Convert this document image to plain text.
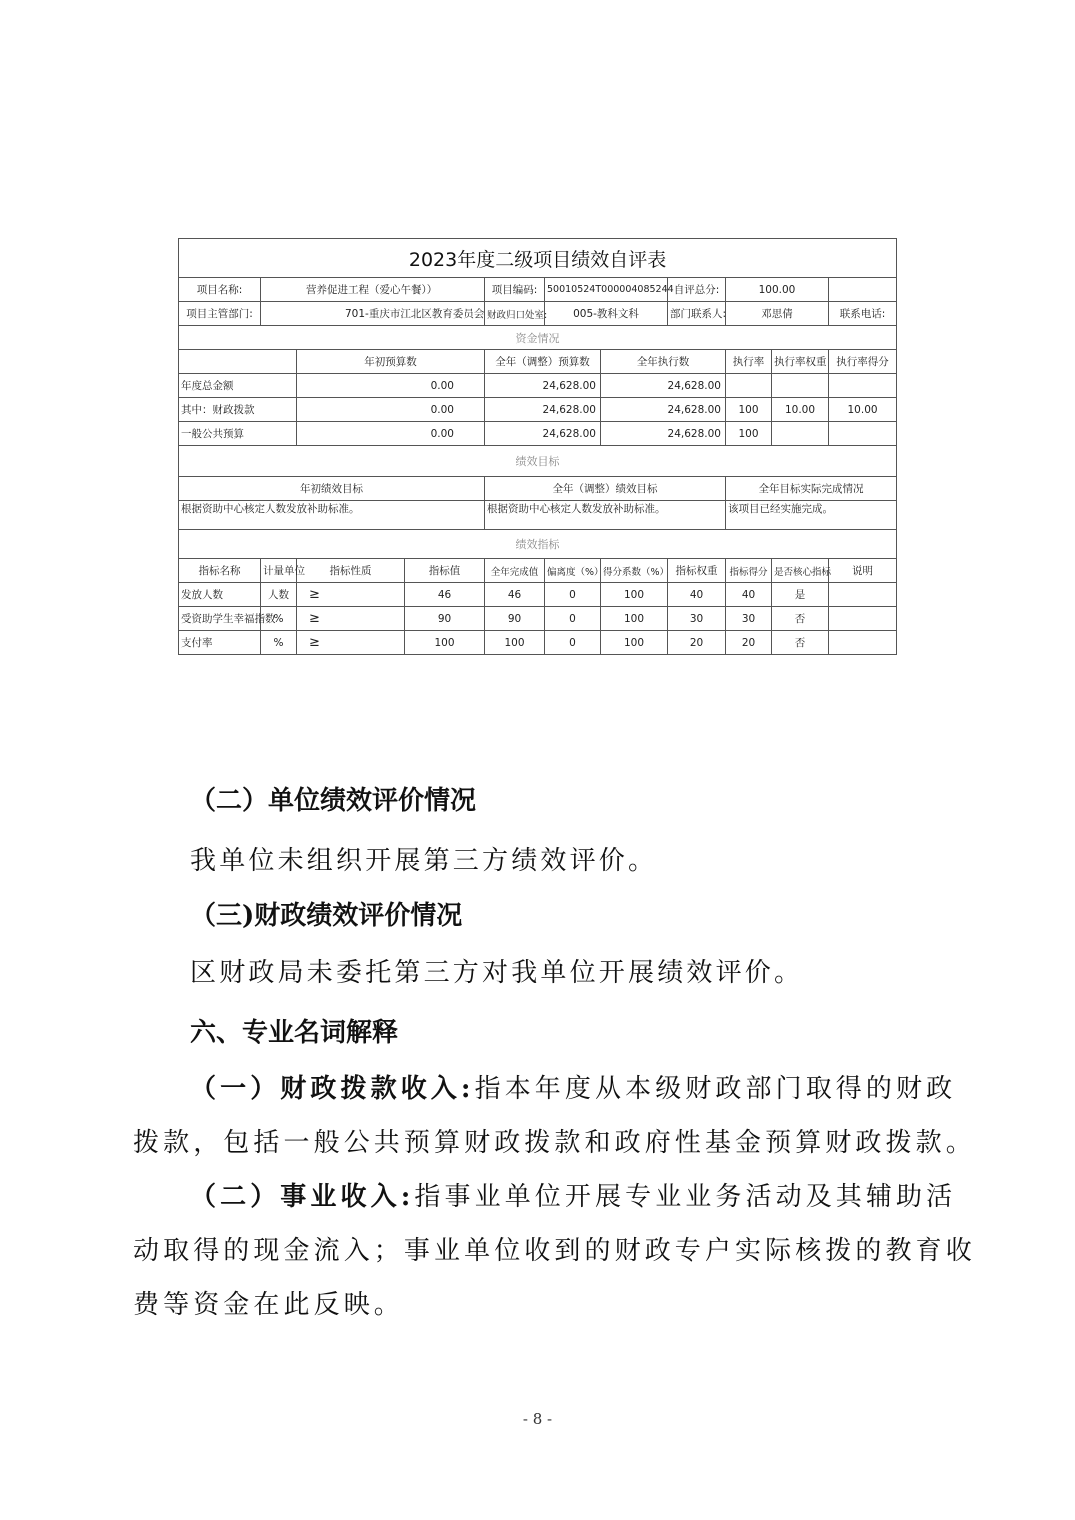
2023年度二级项目绩效自评表											
项目名称:	营养促进工程（爱心午餐））			项目编码:	50010524T000004085244		自评总分:	100.00			
项目主管部门:	701-重庆市江北区教育委员会			财政归口处室:	005-教科文科		部门联系人:	邓思倩		联系电话:	
资金情况											
		年初预算数		全年（调整）预算数		全年执行数		执行率	执行率权重	执行率得分	
年度总金额		0.00		24,628.00		24,628.00					
其中：财政拨款		0.00		24,628.00		24,628.00		100	10.00	10.00	
一般公共预算		0.00		24,628.00		24,628.00		100			
绩效目标											
年初绩效目标				全年（调整）绩效目标				全年目标实际完成情况			
根据资助中心核定人数发放补助标准。				根据资助中心核定人数发放补助标准。				该项目已经实施完成。			
绩效指标											
指标名称	计量单位	指标性质	指标值	全年完成值	偏离度（%）	得分系数（%）	指标权重	指标得分	是否核心指标	说明	
发放人数	人数	≥	46	46	0	100	40	40	是		
受资助学生幸福指数	%	≥	90	90	0	100	30	30	否		
支付率	%	≥	100	100	0	100	20	20	否		
（二）单位绩效评价情况
我单位未组织开展第三方绩效评价。
（三)财政绩效评价情况
区财政局未委托第三方对我单位开展绩效评价。
六、专业名词解释
（一）财政拨款收入:指本年度从本级财政部门取得的财政
拨款，包括一般公共预算财政拨款和政府性基金预算财政拨款。
（二）事业收入:指事业单位开展专业业务活动及其辅助活
动取得的现金流入；事业单位收到的财政专户实际核拨的教育收
费等资金在此反映。
- 8 -
